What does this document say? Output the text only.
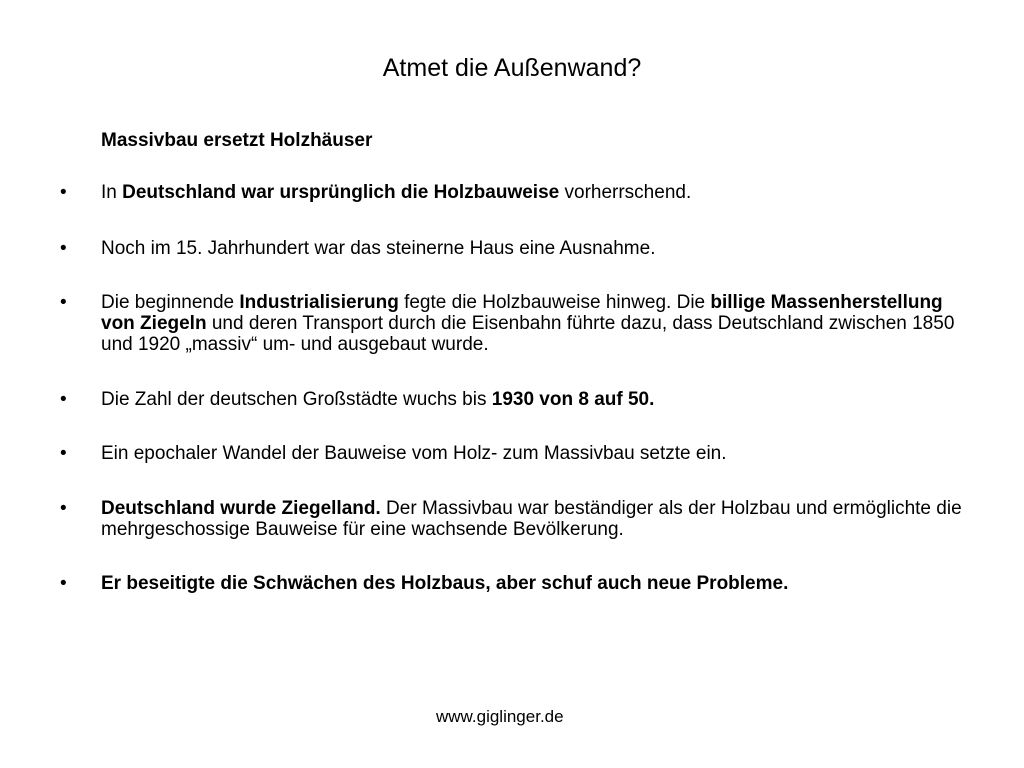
Atmet die Außenwand?
Massivbau ersetzt Holzhäuser
•	In Deutschland war ursprünglich die Holzbauweise vorherrschend.
•	Noch im 15. Jahrhundert war das steinerne Haus eine Ausnahme.
•	Die beginnende Industrialisierung fegte die Holzbauweise hinweg. Die billige Massenherstellung von Ziegeln und deren Transport durch die Eisenbahn führte dazu, dass Deutschland zwischen 1850 und 1920 „massiv“ um- und ausgebaut wurde.
•	Die Zahl der deutschen Großstädte wuchs bis 1930 von 8 auf 50.
•	Ein epochaler Wandel der Bauweise vom Holz- zum Massivbau setzte ein.
•	Deutschland wurde Ziegelland. Der Massivbau war beständiger als der Holzbau und ermöglichte die mehrgeschossige Bauweise für eine wachsende Bevölkerung.
•	Er beseitigte die Schwächen des Holzbaus, aber schuf auch neue Probleme.
www.giglinger.de
